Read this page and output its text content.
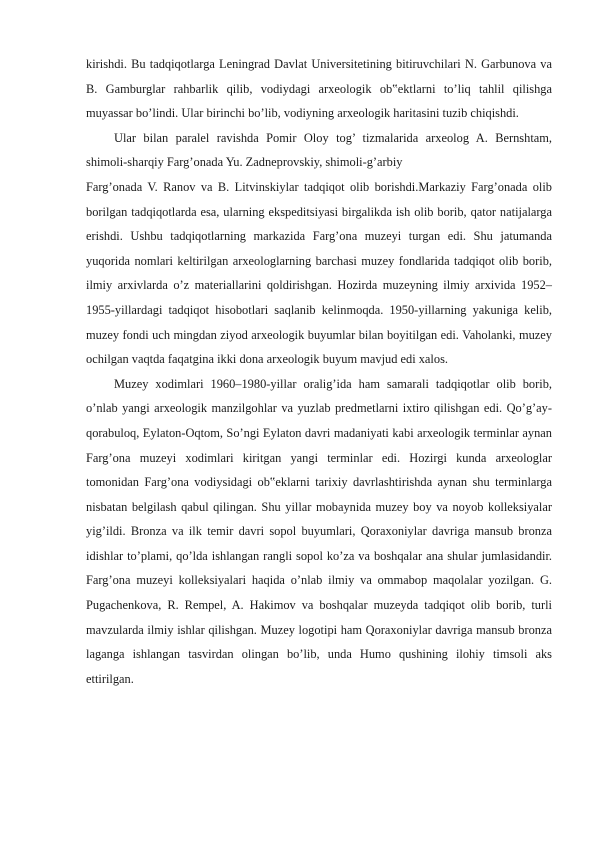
kirishdi. Bu tadqiqotlarga Leningrad Davlat Universitetining bitiruvchilari N. Garbunova va B. Gamburglar rahbarlik qilib, vodiydagi arxeologik ob‟ektlarni to’liq tahlil qilishga muyassar bo’lindi. Ular birinchi bo’lib, vodiyning arxeologik haritasini tuzib chiqishdi.

Ular bilan paralel ravishda Pomir Oloy tog’ tizmalarida arxeolog A. Bernshtam, shimoli-sharqiy Farg’onada Yu. Zadneprovskiy, shimoli-g’arbiy

Farg’onada V. Ranov va B. Litvinskiylar tadqiqot olib borishdi.Markaziy Farg’onada olib borilgan tadqiqotlarda esa, ularning ekspeditsiyasi birgalikda ish olib borib, qator natijalarga erishdi. Ushbu tadqiqotlarning markazida Farg’ona muzeyi turgan edi. Shu jatumanda yuqorida nomlari keltirilgan arxeologlarning barchasi muzey fondlarida tadqiqot olib borib, ilmiy arxivlarda o’z materiallarini qoldirishgan. Hozirda muzeyning ilmiy arxivida 1952–1955-yillardagi tadqiqot hisobotlari saqlanib kelinmoqda. 1950-yillarning yakuniga kelib, muzey fondi uch mingdan ziyod arxeologik buyumlar bilan boyitilgan edi. Vaholanki, muzey ochilgan vaqtda faqatgina ikki dona arxeologik buyum mavjud edi xalos.

Muzey xodimlari 1960–1980-yillar oralig’ida ham samarali tadqiqotlar olib borib, o’nlab yangi arxeologik manzilgohlar va yuzlab predmetlarni ixtiro qilishgan edi. Qo’g’ay-qorabuloq, Eylaton-Oqtom, So’ngi Eylaton davri madaniyati kabi arxeologik terminlar aynan Farg’ona muzeyi xodimlari kiritgan yangi terminlar edi. Hozirgi kunda arxeologlar tomonidan Farg’ona vodiysidagi ob‟eklarni tarixiy davrlashtirishda aynan shu terminlarga nisbatan belgilash qabul qilingan. Shu yillar mobaynida muzey boy va noyob kolleksiyalar yig’ildi. Bronza va ilk temir davri sopol buyumlari, Qoraxoniylar davriga mansub bronza idishlar to’plami, qo’lda ishlangan rangli sopol ko’za va boshqalar ana shular jumlasidandir. Farg’ona muzeyi kolleksiyalari haqida o’nlab ilmiy va ommabop maqolalar yozilgan. G. Pugachenkova, R. Rempel, A. Hakimov va boshqalar muzeyda tadqiqot olib borib, turli mavzularda ilmiy ishlar qilishgan. Muzey logotipi ham Qoraxoniylar davriga mansub bronza laganga ishlangan tasvirdan olingan bo’lib, unda Humo qushining ilohiy timsoli aks ettirilgan.
